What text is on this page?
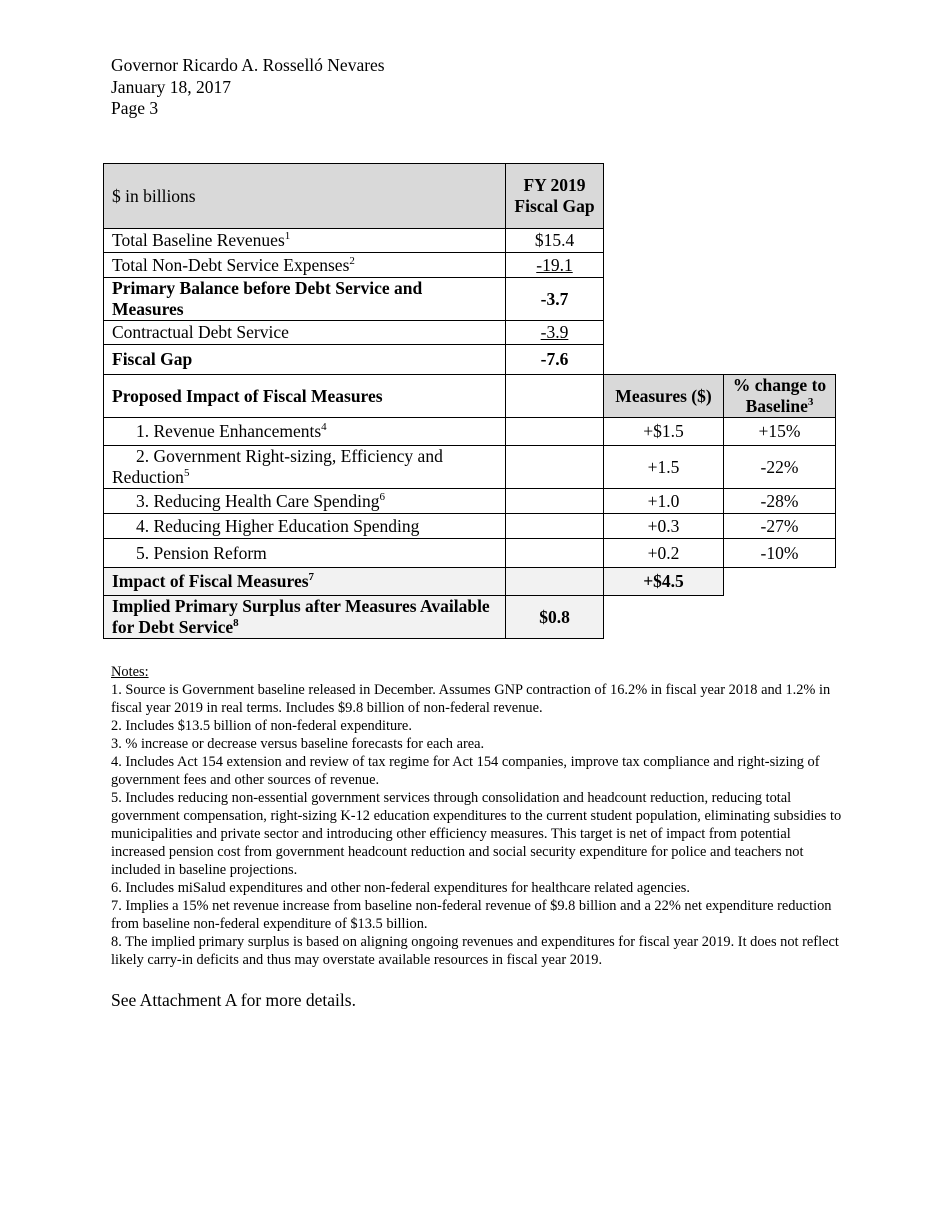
Governor Ricardo A. Rosselló Nevares
January 18, 2017
Page 3
$ in billions	FY 2019 Fiscal Gap		
Total Baseline Revenues$^1$	$15.4		
Total Non-Debt Service Expenses$^2$	-19.1		
Primary Balance before Debt Service and Measures	-3.7		
Contractual Debt Service	-3.9		
Fiscal Gap	-7.6		
Proposed Impact of Fiscal Measures		Measures ($)	% change to Baseline$^3$
1. Revenue Enhancements$^4$		+$1.5	+15%
2. Government Right-sizing, Efficiency and Reduction$^5$		+1.5	-22%
3. Reducing Health Care Spending$^6$		+1.0	-28%
4. Reducing Higher Education Spending		+0.3	-27%
5. Pension Reform		+0.2	-10%
Impact of Fiscal Measures$^7$		+$4.5	
Implied Primary Surplus after Measures Available for Debt Service$^8$	$0.8		
Notes:
1. Source is Government baseline released in December. Assumes GNP contraction of 16.2% in fiscal year 2018 and 1.2% in fiscal year 2019 in real terms. Includes $9.8 billion of non-federal revenue.
2. Includes $13.5 billion of non-federal expenditure.
3. % increase or decrease versus baseline forecasts for each area.
4. Includes Act 154 extension and review of tax regime for Act 154 companies, improve tax compliance and right-sizing of government fees and other sources of revenue.
5. Includes reducing non-essential government services through consolidation and headcount reduction, reducing total government compensation, right-sizing K-12 education expenditures to the current student population, eliminating subsidies to municipalities and private sector and introducing other efficiency measures. This target is net of impact from potential increased pension cost from government headcount reduction and social security expenditure for police and teachers not included in baseline projections.
6. Includes miSalud expenditures and other non-federal expenditures for healthcare related agencies.
7. Implies a 15% net revenue increase from baseline non-federal revenue of $9.8 billion and a 22% net expenditure reduction from baseline non-federal expenditure of $13.5 billion.
8. The implied primary surplus is based on aligning ongoing revenues and expenditures for fiscal year 2019. It does not reflect likely carry-in deficits and thus may overstate available resources in fiscal year 2019.
See Attachment A for more details.
